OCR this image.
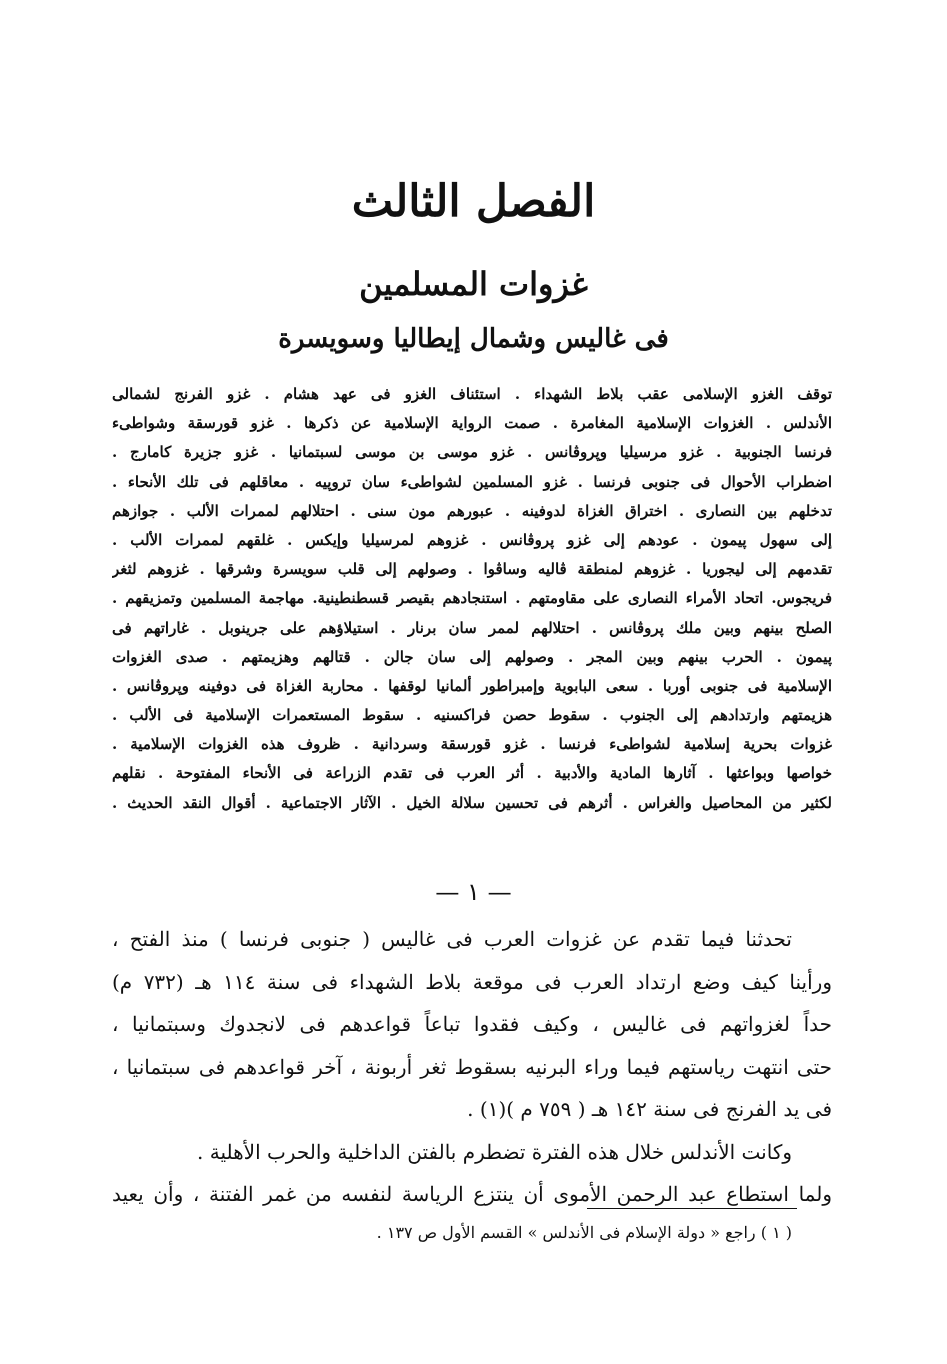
الفصل الثالث
غزوات المسلمين
فى غاليس وشمال إيطاليا وسويسرة
توقف الغزو الإسلامى عقب بلاط الشهداء . استئناف الغزو فى عهد هشام . غزو الفرنج لشمالى
الأندلس . الغزوات الإسلامية المغامرة . صمت الرواية الإسلامية عن ذكرها . غزو قورسقة وشواطىء
فرنسا الجنوبية . غزو مرسيليا وپروڤانس . غزو موسى بن موسى لسبتمانيا . غزو جزيرة كامارج .
اضطراب الأحوال فى جنوبى فرنسا . غزو المسلمين لشواطىء سان تروپيه . معاقلهم فى تلك الأنحاء .
تدخلهم بين النصارى . اختراق الغزاة لدوفينه . عبورهم مون سنى . احتلالهم لممرات الألب . جوازهم
إلى سهول پيمون . عودهم إلى غزو پروڤانس . غزوهم لمرسيليا وإيكس . غلقهم لممرات الألب .
تقدمهم إلى ليجوريا . غزوهم لمنطقة ڤاليه وساڤوا . وصولهم إلى قلب سويسرة وشرقها . غزوهم لثغر
فريجوس. اتحاد الأمراء النصارى على مقاومتهم . استنجادهم بقيصر قسطنطينية. مهاجمة المسلمين وتمزيقهم .
الصلح بينهم وبين ملك پروڤانس . احتلالهم لممر سان برنار . استيلاؤهم على جرينوبل . غاراتهم فى
پيمون . الحرب بينهم وبين المجر . وصولهم إلى سان جالن . قتالهم وهزيمتهم . صدى الغزوات
الإسلامية فى جنوبى أوربا . سعى البابوية وإمبراطور ألمانيا لوقفها . محاربة الغزاة فى دوفينه وپروڤانس .
هزيمتهم وارتدادهم إلى الجنوب . سقوط حصن فراكسنيه . سقوط المستعمرات الإسلامية فى الألب .
غزوات بحرية إسلامية لشواطىء فرنسا . غزو قورسقة وسردانية . ظروف هذه الغزوات الإسلامية .
خواصها وبواعثها . آثارها المادية والأدبية . أثر العرب فى تقدم الزراعة فى الأنحاء المفتوحة . نقلهم
لكثير من المحاصيل والغراس . أثرهم فى تحسين سلالة الخيل . الآثار الاجتماعية . أقوال النقد الحديث .
— ١ —
تحدثنا فيما تقدم عن غزوات العرب فى غاليس ( جنوبى فرنسا ) منذ الفتح ،
ورأينا كيف وضع ارتداد العرب فى موقعة بلاط الشهداء فى سنة ١١٤ هـ (٧٣٢ م)
حداً لغزواتهم فى غاليس ، وكيف فقدوا تباعاً قواعدهم فى لانجدوك وسبتمانيا ،
حتى انتهت رياستهم فيما وراء البرنيه بسقوط ثغر أربونة ، آخر قواعدهم فى سبتمانيا ،
فى يد الفرنج فى سنة ١٤٢ هـ ( ٧٥٩ م )(١) .
وكانت الأندلس خلال هذه الفترة تضطرم بالفتن الداخلية والحرب الأهلية .
ولما استطاع عبد الرحمن الأموى أن ينتزع الرياسة لنفسه من غمر الفتنة ، وأن يعيد
( ١ ) راجع « دولة الإسلام فى الأندلس » القسم الأول ص ١٣٧ .
